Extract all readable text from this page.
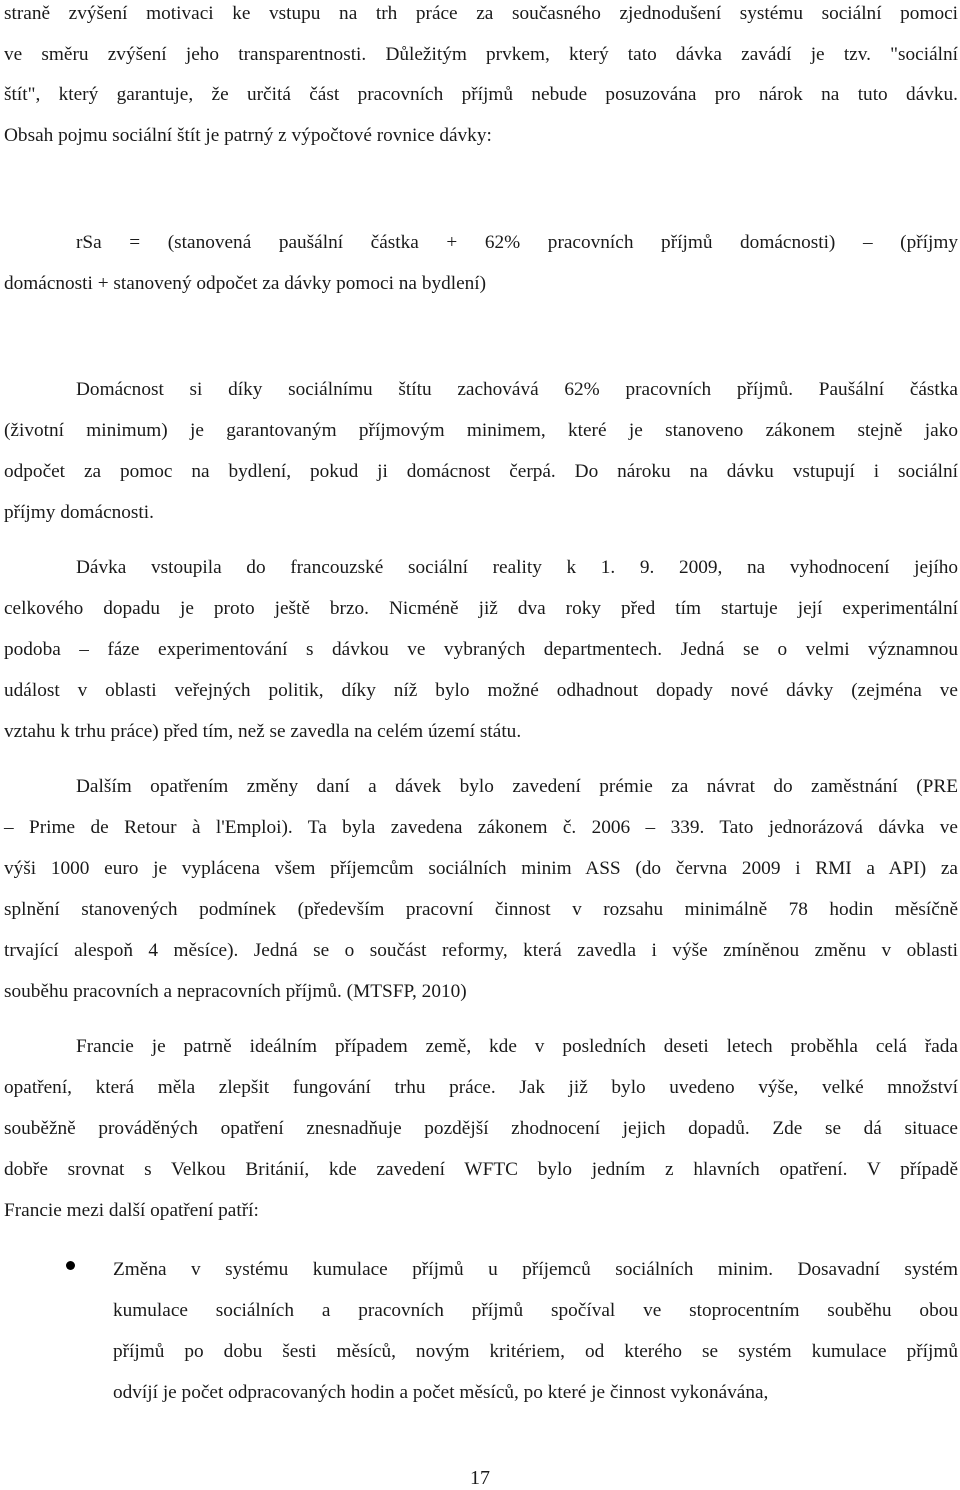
straně zvýšení motivaci ke vstupu na trh práce za současného zjednodušení systému sociální pomoci
ve směru zvýšení jeho transparentnosti. Důležitým prvkem, který tato dávka zavádí je tzv. "sociální
štít", který garantuje, že určitá část pracovních příjmů nebude posuzována pro nárok na tuto dávku.
Obsah pojmu sociální štít je patrný z výpočtové rovnice dávky:
rSa = (stanovená paušální částka + 62% pracovních příjmů domácnosti) – (příjmy
domácnosti + stanovený odpočet za dávky pomoci na bydlení)
Domácnost si díky sociálnímu štítu zachovává 62% pracovních příjmů. Paušální částka
(životní minimum) je garantovaným příjmovým minimem, které je stanoveno zákonem stejně jako
odpočet za pomoc na bydlení, pokud ji domácnost čerpá. Do nároku na dávku vstupují i sociální
příjmy domácnosti.
Dávka vstoupila do francouzské sociální reality k 1. 9. 2009, na vyhodnocení jejího
celkového dopadu je proto ještě brzo. Nicméně již dva roky před tím startuje její experimentální
podoba – fáze experimentování s dávkou ve vybraných departmentech. Jedná se o velmi významnou
událost v oblasti veřejných politik, díky níž bylo možné odhadnout dopady nové dávky (zejména ve
vztahu k trhu práce) před tím, než se zavedla na celém území státu.
Dalším opatřením změny daní a dávek bylo zavedení prémie za návrat do zaměstnání (PRE
– Prime de Retour à l'Emploi). Ta byla zavedena zákonem č. 2006 – 339. Tato jednorázová dávka ve
výši 1000 euro je vyplácena všem příjemcům sociálních minim ASS (do června 2009 i RMI a API) za
splnění stanovených podmínek (především pracovní činnost v rozsahu minimálně 78 hodin měsíčně
trvající alespoň 4 měsíce). Jedná se o součást reformy, která zavedla i výše zmíněnou změnu v oblasti
souběhu pracovních a nepracovních příjmů. (MTSFP, 2010)
Francie je patrně ideálním případem země, kde v posledních deseti letech proběhla celá řada
opatření, která měla zlepšit fungování trhu práce. Jak již bylo uvedeno výše, velké množství
souběžně prováděných opatření znesnadňuje pozdější zhodnocení jejich dopadů. Zde se dá situace
dobře srovnat s Velkou Británií, kde zavedení WFTC bylo jedním z hlavních opatření. V případě
Francie mezi další opatření patří:
Změna v systému kumulace příjmů u příjemců sociálních minim. Dosavadní systém
kumulace sociálních a pracovních příjmů spočíval ve stoprocentním souběhu obou
příjmů po dobu šesti měsíců, novým kritériem, od kterého se systém kumulace příjmů
odvíjí je počet odpracovaných hodin a počet měsíců, po které je činnost vykonávána,
17
